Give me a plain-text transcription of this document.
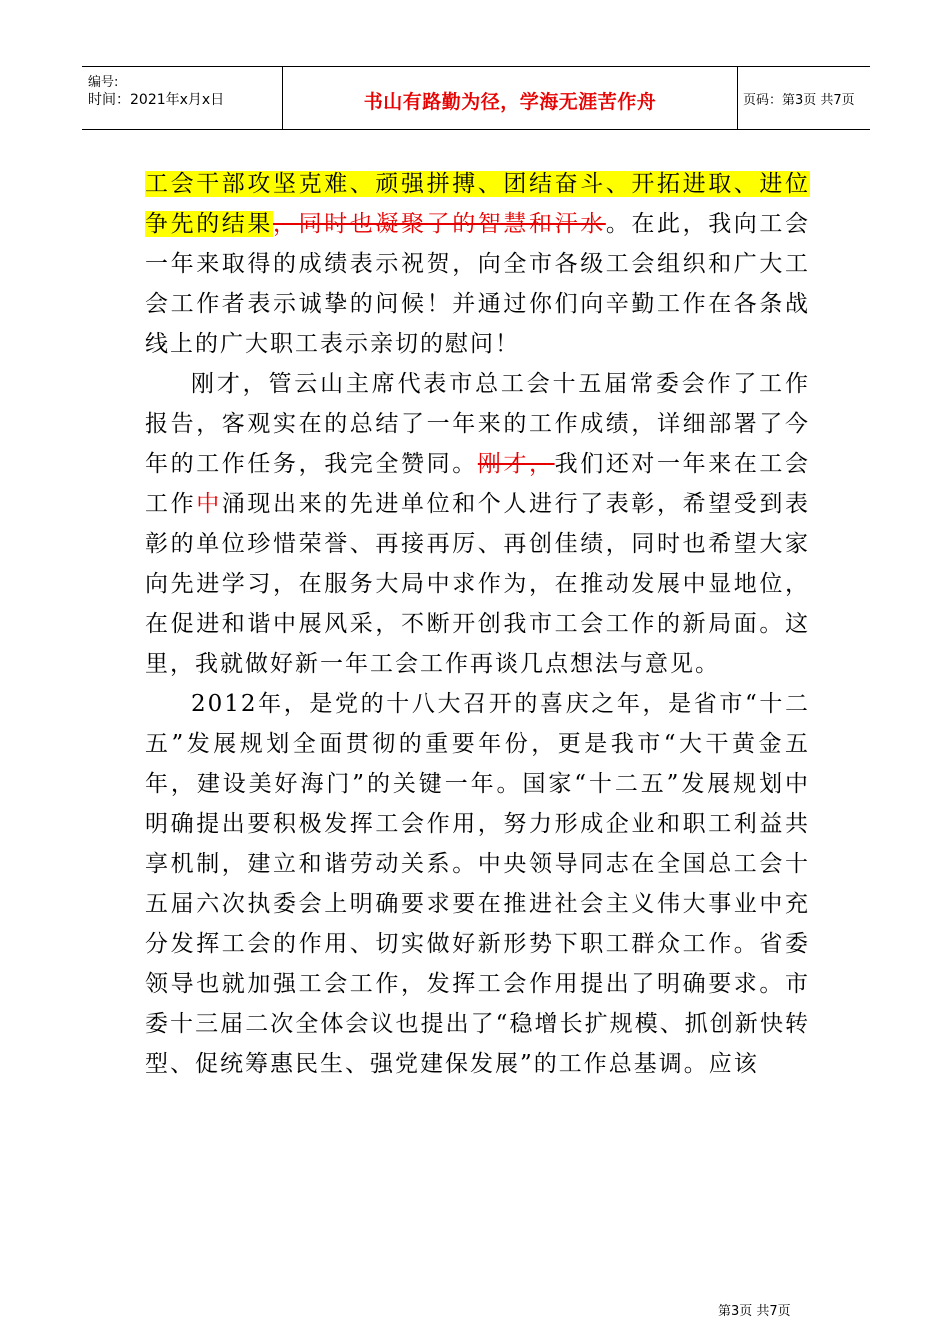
编号:
时间：2021年x月x日	书山有路勤为径，学海无涯苦作舟	页码：第3页 共7页

工会干部攻坚克难、顽强拼搏、团结奋斗、开拓进取、进位争先的结果，同时也凝聚了的智慧和汗水。在此，我向工会一年来取得的成绩表示祝贺，向全市各级工会组织和广大工会工作者表示诚挚的问候！并通过你们向辛勤工作在各条战线上的广大职工表示亲切的慰问！

刚才，管云山主席代表市总工会十五届常委会作了工作报告，客观实在的总结了一年来的工作成绩，详细部署了今年的工作任务，我完全赞同。刚才，我们还对一年来在工会工作中涌现出来的先进单位和个人进行了表彰，希望受到表彰的单位珍惜荣誉、再接再厉、再创佳绩，同时也希望大家向先进学习，在服务大局中求作为，在推动发展中显地位，在促进和谐中展风采，不断开创我市工会工作的新局面。这里，我就做好新一年工会工作再谈几点想法与意见。

2012年，是党的十八大召开的喜庆之年，是省市“十二五”发展规划全面贯彻的重要年份，更是我市“大干黄金五年，建设美好海门”的关键一年。国家“十二五”发展规划中明确提出要积极发挥工会作用，努力形成企业和职工利益共享机制，建立和谐劳动关系。中央领导同志在全国总工会十五届六次执委会上明确要求要在推进社会主义伟大事业中充分发挥工会的作用、切实做好新形势下职工群众工作。省委领导也就加强工会工作，发挥工会作用提出了明确要求。市委十三届二次全体会议也提出了“稳增长扩规模、抓创新快转型、促统筹惠民生、强党建保发展”的工作总基调。应该

第3页 共7页
